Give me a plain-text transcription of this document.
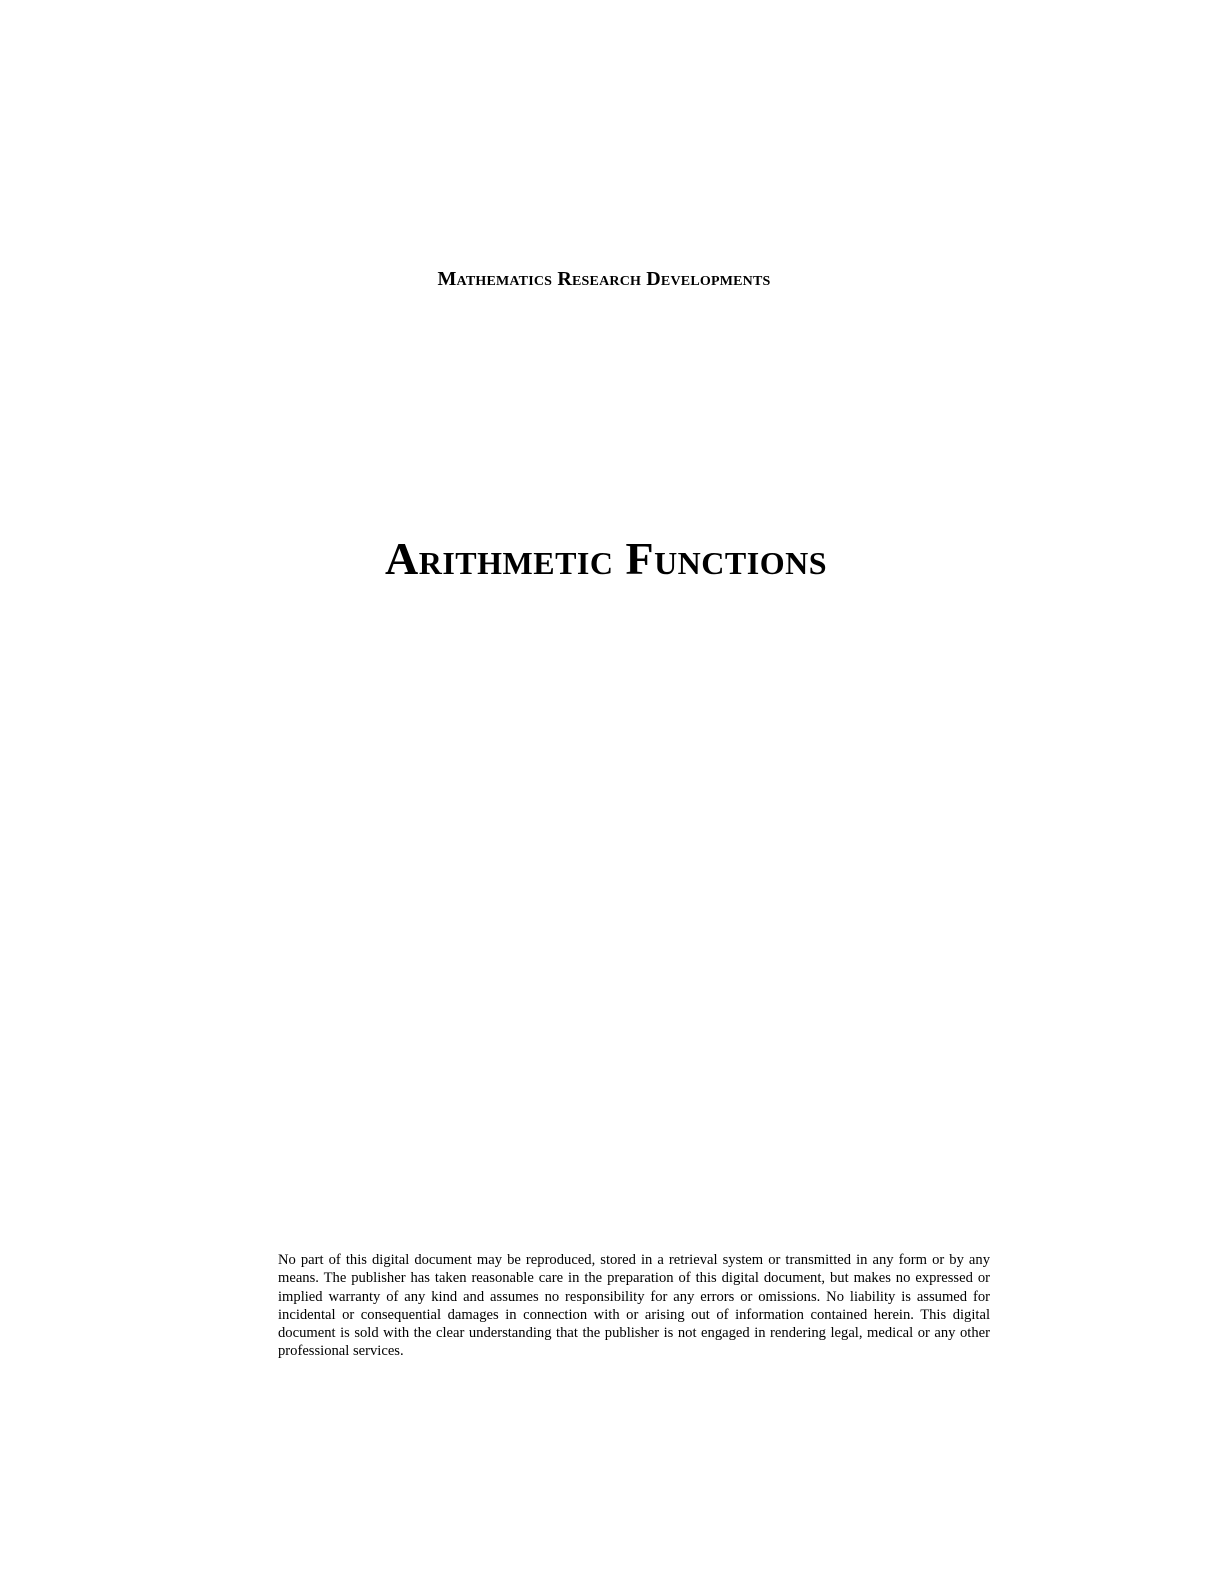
Mathematics Research Developments
Arithmetic Functions

No part of this digital document may be reproduced, stored in a retrieval system or transmitted in any form or by any means. The publisher has taken reasonable care in the preparation of this digital document, but makes no expressed or implied warranty of any kind and assumes no responsibility for any errors or omissions. No liability is assumed for incidental or consequential damages in connection with or arising out of information contained herein. This digital document is sold with the clear understanding that the publisher is not engaged in rendering legal, medical or any other professional services.
